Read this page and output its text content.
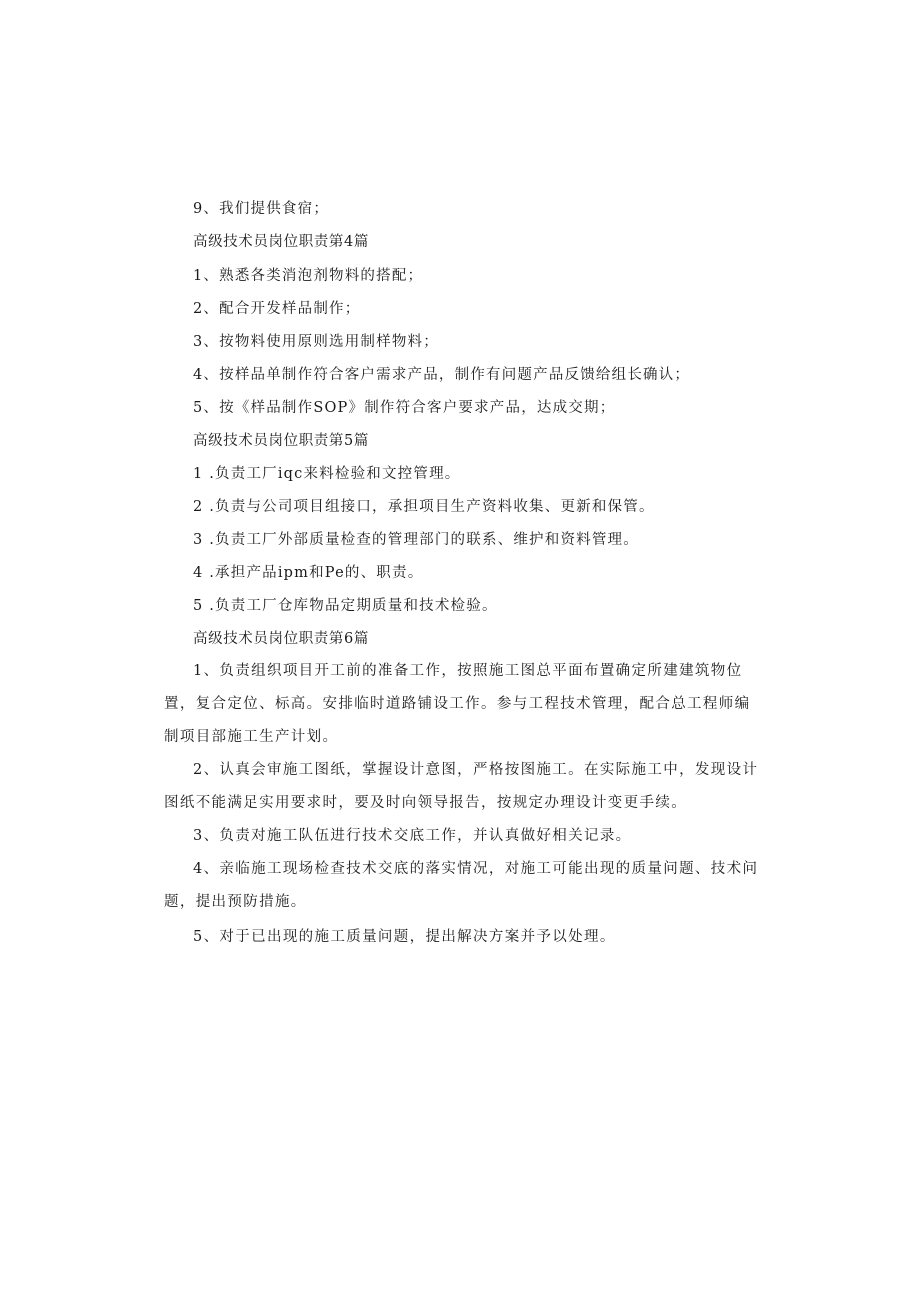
9、我们提供食宿；
高级技术员岗位职责第4篇
1、熟悉各类消泡剂物料的搭配；
2、配合开发样品制作；
3、按物料使用原则选用制样物料；
4、按样品单制作符合客户需求产品，制作有问题产品反馈给组长确认；
5、按《样品制作SOP》制作符合客户要求产品，达成交期；
高级技术员岗位职责第5篇
1 .负责工厂iqc来料检验和文控管理。
2 .负责与公司项目组接口，承担项目生产资料收集、更新和保管。
3 .负责工厂外部质量检查的管理部门的联系、维护和资料管理。
4 .承担产品ipm和Pe的、职责。
5 .负责工厂仓库物品定期质量和技术检验。
高级技术员岗位职责第6篇
1、负责组织项目开工前的准备工作，按照施工图总平面布置确定所建建筑物位置，复合定位、标高。安排临时道路铺设工作。参与工程技术管理，配合总工程师编制项目部施工生产计划。
2、认真会审施工图纸，掌握设计意图，严格按图施工。在实际施工中，发现设计图纸不能满足实用要求时，要及时向领导报告，按规定办理设计变更手续。
3、负责对施工队伍进行技术交底工作，并认真做好相关记录。
4、亲临施工现场检查技术交底的落实情况，对施工可能出现的质量问题、技术问题，提出预防措施。
5、对于已出现的施工质量问题，提出解决方案并予以处理。
